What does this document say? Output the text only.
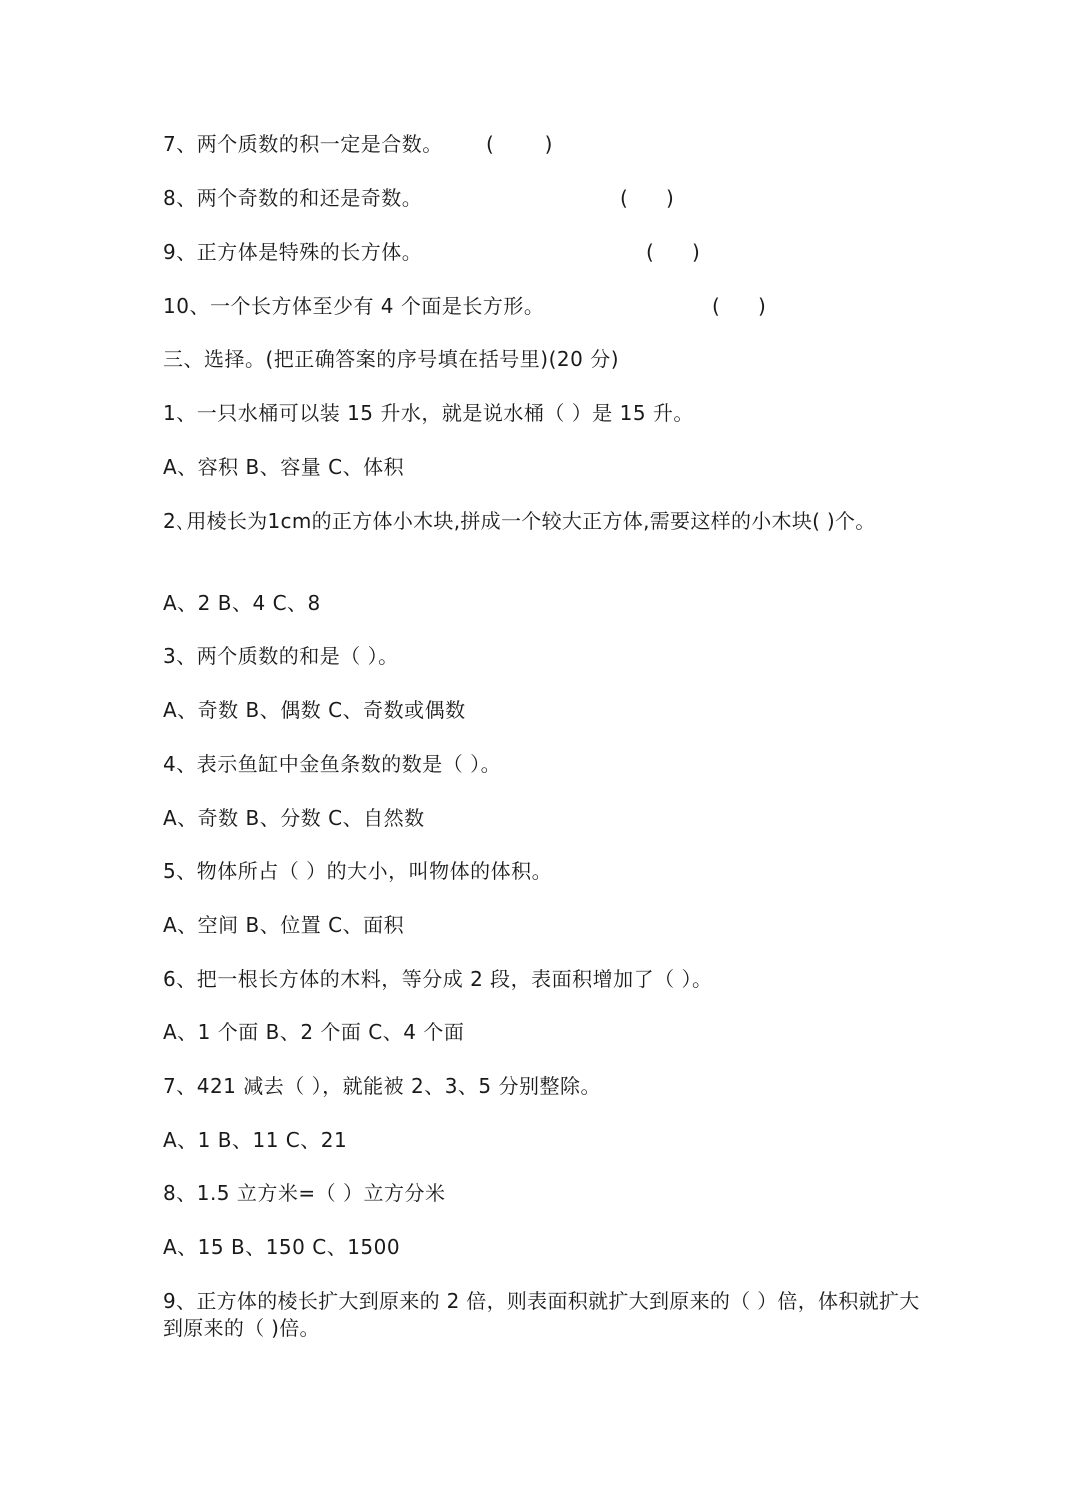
7、两个质数的积一定是合数。 (        )
8、两个奇数的和还是奇数。	(      )
9、正方体是特殊的长方体。	(      )
10、一个长方体至少有 4 个面是长方形。	(      )
三、选择。(把正确答案的序号填在括号里)(20 分)
1、一只水桶可以装 15 升水，就是说水桶（ ）是 15 升。
A、容积 B、容量 C、体积
2､用棱长为1cm的正方体小木块,拼成一个较大正方体,需要这样的小木块( )个。
A、2 B、4 C、8
3、两个质数的和是（ ）。
A、奇数 B、偶数 C、奇数或偶数
4、表示鱼缸中金鱼条数的数是（ ）。
A、奇数 B、分数 C、自然数
5、物体所占（ ）的大小，叫物体的体积。
A、空间 B、位置 C、面积
6、把一根长方体的木料，等分成 2 段，表面积增加了（ ）。
A、1 个面 B、2 个面 C、4 个面
7、421 减去（ ），就能被 2、3、5 分别整除。
A、1 B、11 C、21
8、1.5 立方米=（ ）立方分米
A、15 B、150 C、1500
9、正方体的棱长扩大到原来的 2 倍，则表面积就扩大到原来的（ ）倍，体积就扩大到原来的（ )倍。
